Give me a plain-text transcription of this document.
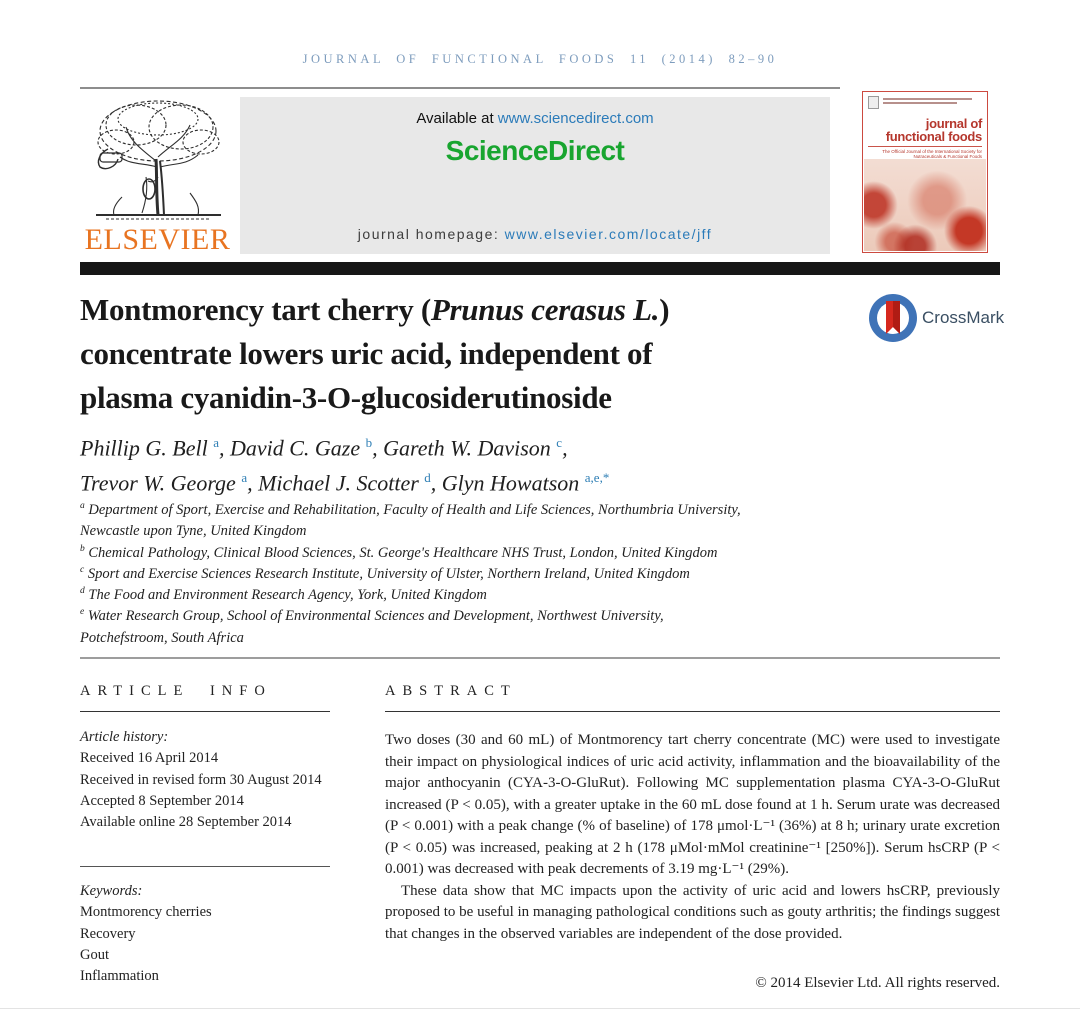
JOURNAL OF FUNCTIONAL FOODS 11 (2014) 82–90
ELSEVIER
Available at www.sciencedirect.com
ScienceDirect
journal homepage: www.elsevier.com/locate/jff
journal of
functional foods
The Official Journal of the International Society for Nutraceuticals & Functional Foods
Montmorency tart cherry (Prunus cerasus L.)
concentrate lowers uric acid, independent of
plasma cyanidin-3-O-glucosiderutinoside
CrossMark
Phillip G. Bell $^a$, David C. Gaze $^b$, Gareth W. Davison $^c$,
Trevor W. George $^a$, Michael J. Scotter $^d$, Glyn Howatson $^{a,e,*}$
$^a$ Department of Sport, Exercise and Rehabilitation, Faculty of Health and Life Sciences, Northumbria University,
Newcastle upon Tyne, United Kingdom
$^b$ Chemical Pathology, Clinical Blood Sciences, St. George's Healthcare NHS Trust, London, United Kingdom
$^c$ Sport and Exercise Sciences Research Institute, University of Ulster, Northern Ireland, United Kingdom
$^d$ The Food and Environment Research Agency, York, United Kingdom
$^e$ Water Research Group, School of Environmental Sciences and Development, Northwest University,
Potchefstroom, South Africa
ARTICLE INFO	ABSTRACT
Article history:
Received 16 April 2014
Received in revised form 30 August 2014
Accepted 8 September 2014
Available online 28 September 2014
Keywords:
Montmorency cherries
Recovery
Gout
Inflammation

Two doses (30 and 60 mL) of Montmorency tart cherry concentrate (MC) were used to investigate their impact on physiological indices of uric acid activity, inflammation and the bioavailability of the major anthocyanin (CYA-3-O-GluRut). Following MC supplementation plasma CYA-3-O-GluRut increased (P < 0.05), with a greater uptake in the 60 mL dose found at 1 h. Serum urate was decreased (P < 0.001) with a peak change (% of baseline) of 178 μmol·L⁻¹ (36%) at 8 h; urinary urate excretion (P < 0.05) was increased, peaking at 2 h (178 μMol·mMol creatinine⁻¹ [250%]). Serum hsCRP (P < 0.001) was decreased with peak decrements of 3.19 mg·L⁻¹ (29%).

These data show that MC impacts upon the activity of uric acid and lowers hsCRP, previously proposed to be useful in managing pathological conditions such as gouty arthritis; the findings suggest that changes in the observed variables are independent of the dose provided.

© 2014 Elsevier Ltd. All rights reserved.
